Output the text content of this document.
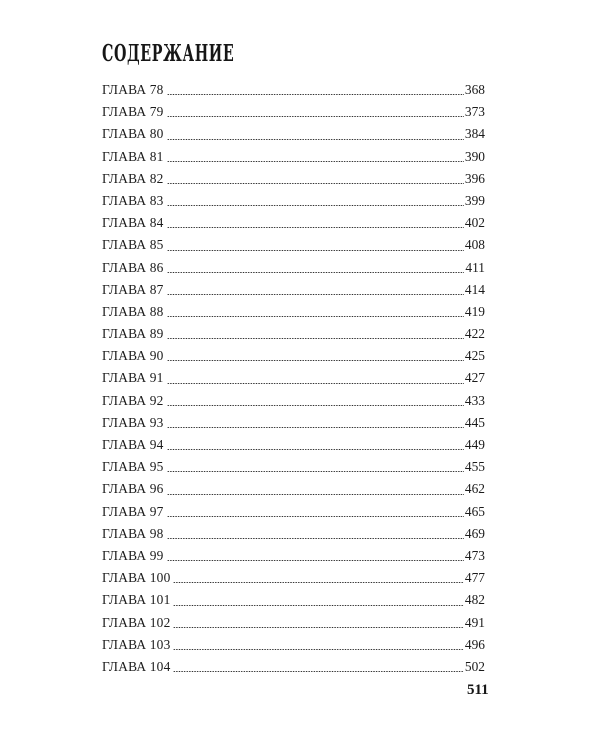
СОДЕРЖАНИЕ
ГЛАВА 78	368
ГЛАВА 79	373
ГЛАВА 80	384
ГЛАВА 81	390
ГЛАВА 82	396
ГЛАВА 83	399
ГЛАВА 84	402
ГЛАВА 85	408
ГЛАВА 86	411
ГЛАВА 87	414
ГЛАВА 88	419
ГЛАВА 89	422
ГЛАВА 90	425
ГЛАВА 91	427
ГЛАВА 92	433
ГЛАВА 93	445
ГЛАВА 94	449
ГЛАВА 95	455
ГЛАВА 96	462
ГЛАВА 97	465
ГЛАВА 98	469
ГЛАВА 99	473
ГЛАВА 100	477
ГЛАВА 101	482
ГЛАВА 102	491
ГЛАВА 103	496
ГЛАВА 104	502
511
